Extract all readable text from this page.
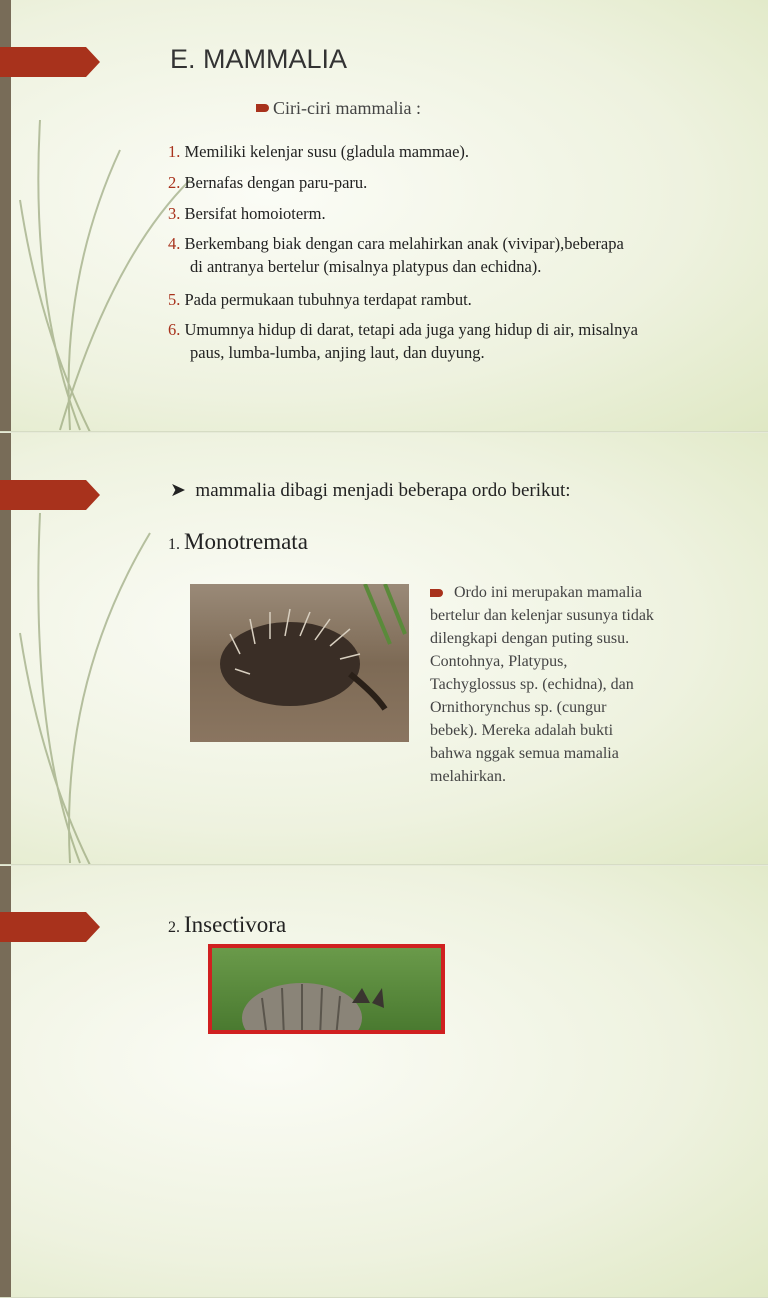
E. MAMMALIA
Ciri-ciri mammalia :
1. Memiliki kelenjar susu (gladula mammae).
2. Bernafas dengan paru-paru.
3. Bersifat homoioterm.
4. Berkembang biak dengan cara melahirkan anak (vivipar),beberapa
di antranya bertelur (misalnya platypus dan echidna).
5. Pada permukaan tubuhnya terdapat rambut.
6. Umumnya hidup di darat, tetapi ada juga yang hidup di air, misalnya
paus, lumba-lumba, anjing laut, dan duyung.
➤  mammalia dibagi menjadi beberapa ordo berikut:
1. Monotremata
Ordo ini merupakan mamalia
bertelur dan kelenjar susunya tidak
dilengkapi dengan puting susu.
Contohnya, Platypus,
Tachyglossus sp. (echidna), dan
Ornithorynchus sp. (cungur
bebek). Mereka adalah bukti
bahwa nggak semua mamalia
melahirkan.
2. Insectivora
